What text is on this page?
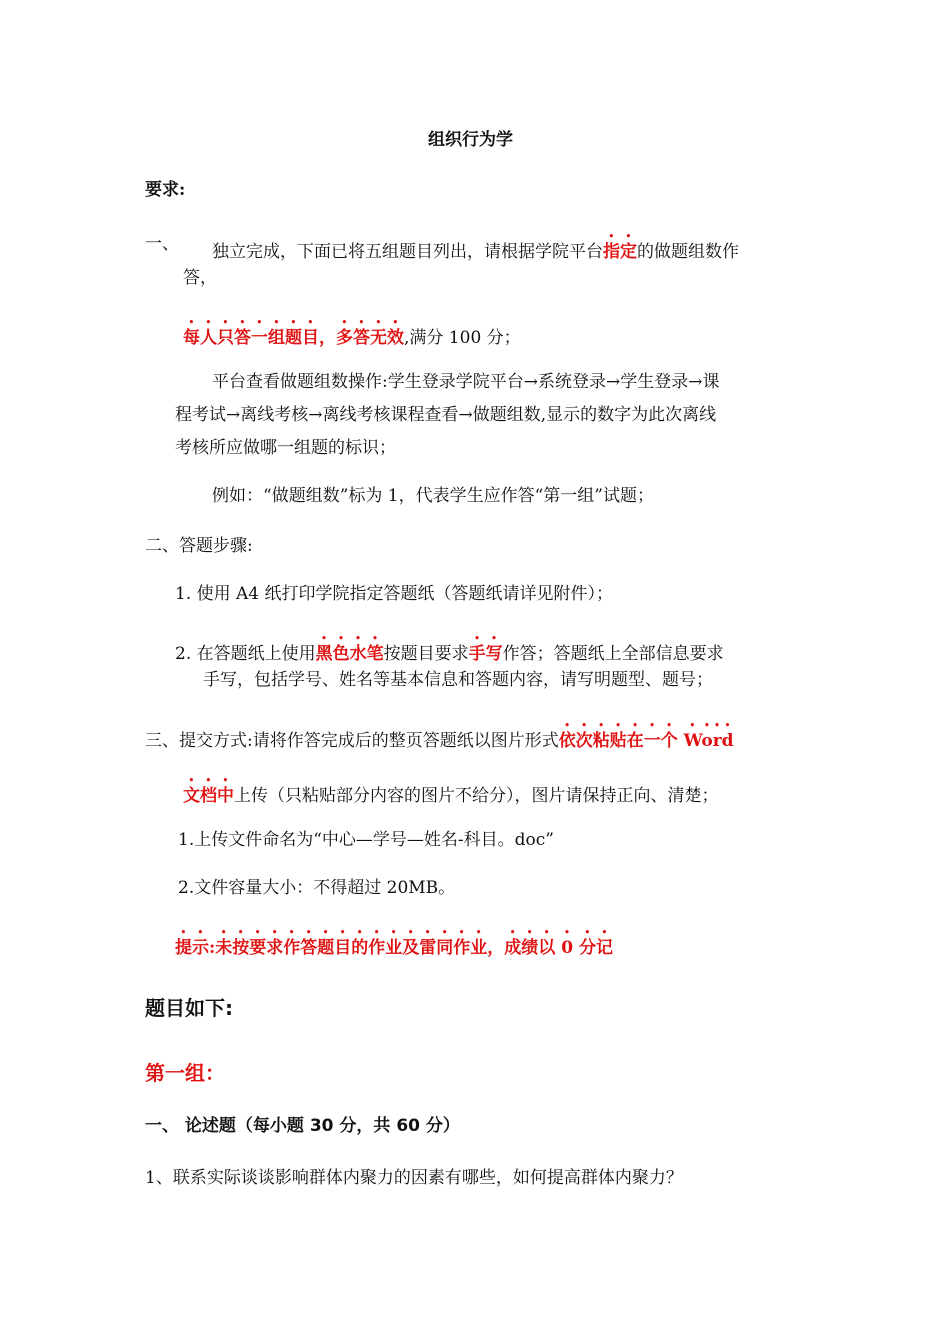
组织行为学
要求:
一、 独立完成，下面已将五组题目列出，请根据学院平台指定的做题组数作
答，
每人只答一组题目，多答无效,满分 100 分；
平台查看做题组数操作:学生登录学院平台→系统登录→学生登录→课
程考试→离线考核→离线考核课程查看→做题组数,显示的数字为此次离线
考核所应做哪一组题的标识；
例如：“做题组数”标为 1，代表学生应作答“第一组”试题；
二、答题步骤:
1. 使用 A4 纸打印学院指定答题纸（答题纸请详见附件）；
2. 在答题纸上使用黑色水笔按题目要求手写作答；答题纸上全部信息要求
手写，包括学号、姓名等基本信息和答题内容，请写明题型、题号；
三、提交方式:请将作答完成后的整页答题纸以图片形式依次粘贴在一个 Word
文档中上传（只粘贴部分内容的图片不给分），图片请保持正向、清楚；
1.上传文件命名为“中心—学号—姓名-科目。doc”
2.文件容量大小：不得超过 20MB。
提示:未按要求作答题目的作业及雷同作业，成绩以 0 分记
题目如下:
第一组：
一、 论述题（每小题 30 分，共 60 分）
1、联系实际谈谈影响群体内聚力的因素有哪些，如何提高群体内聚力？
